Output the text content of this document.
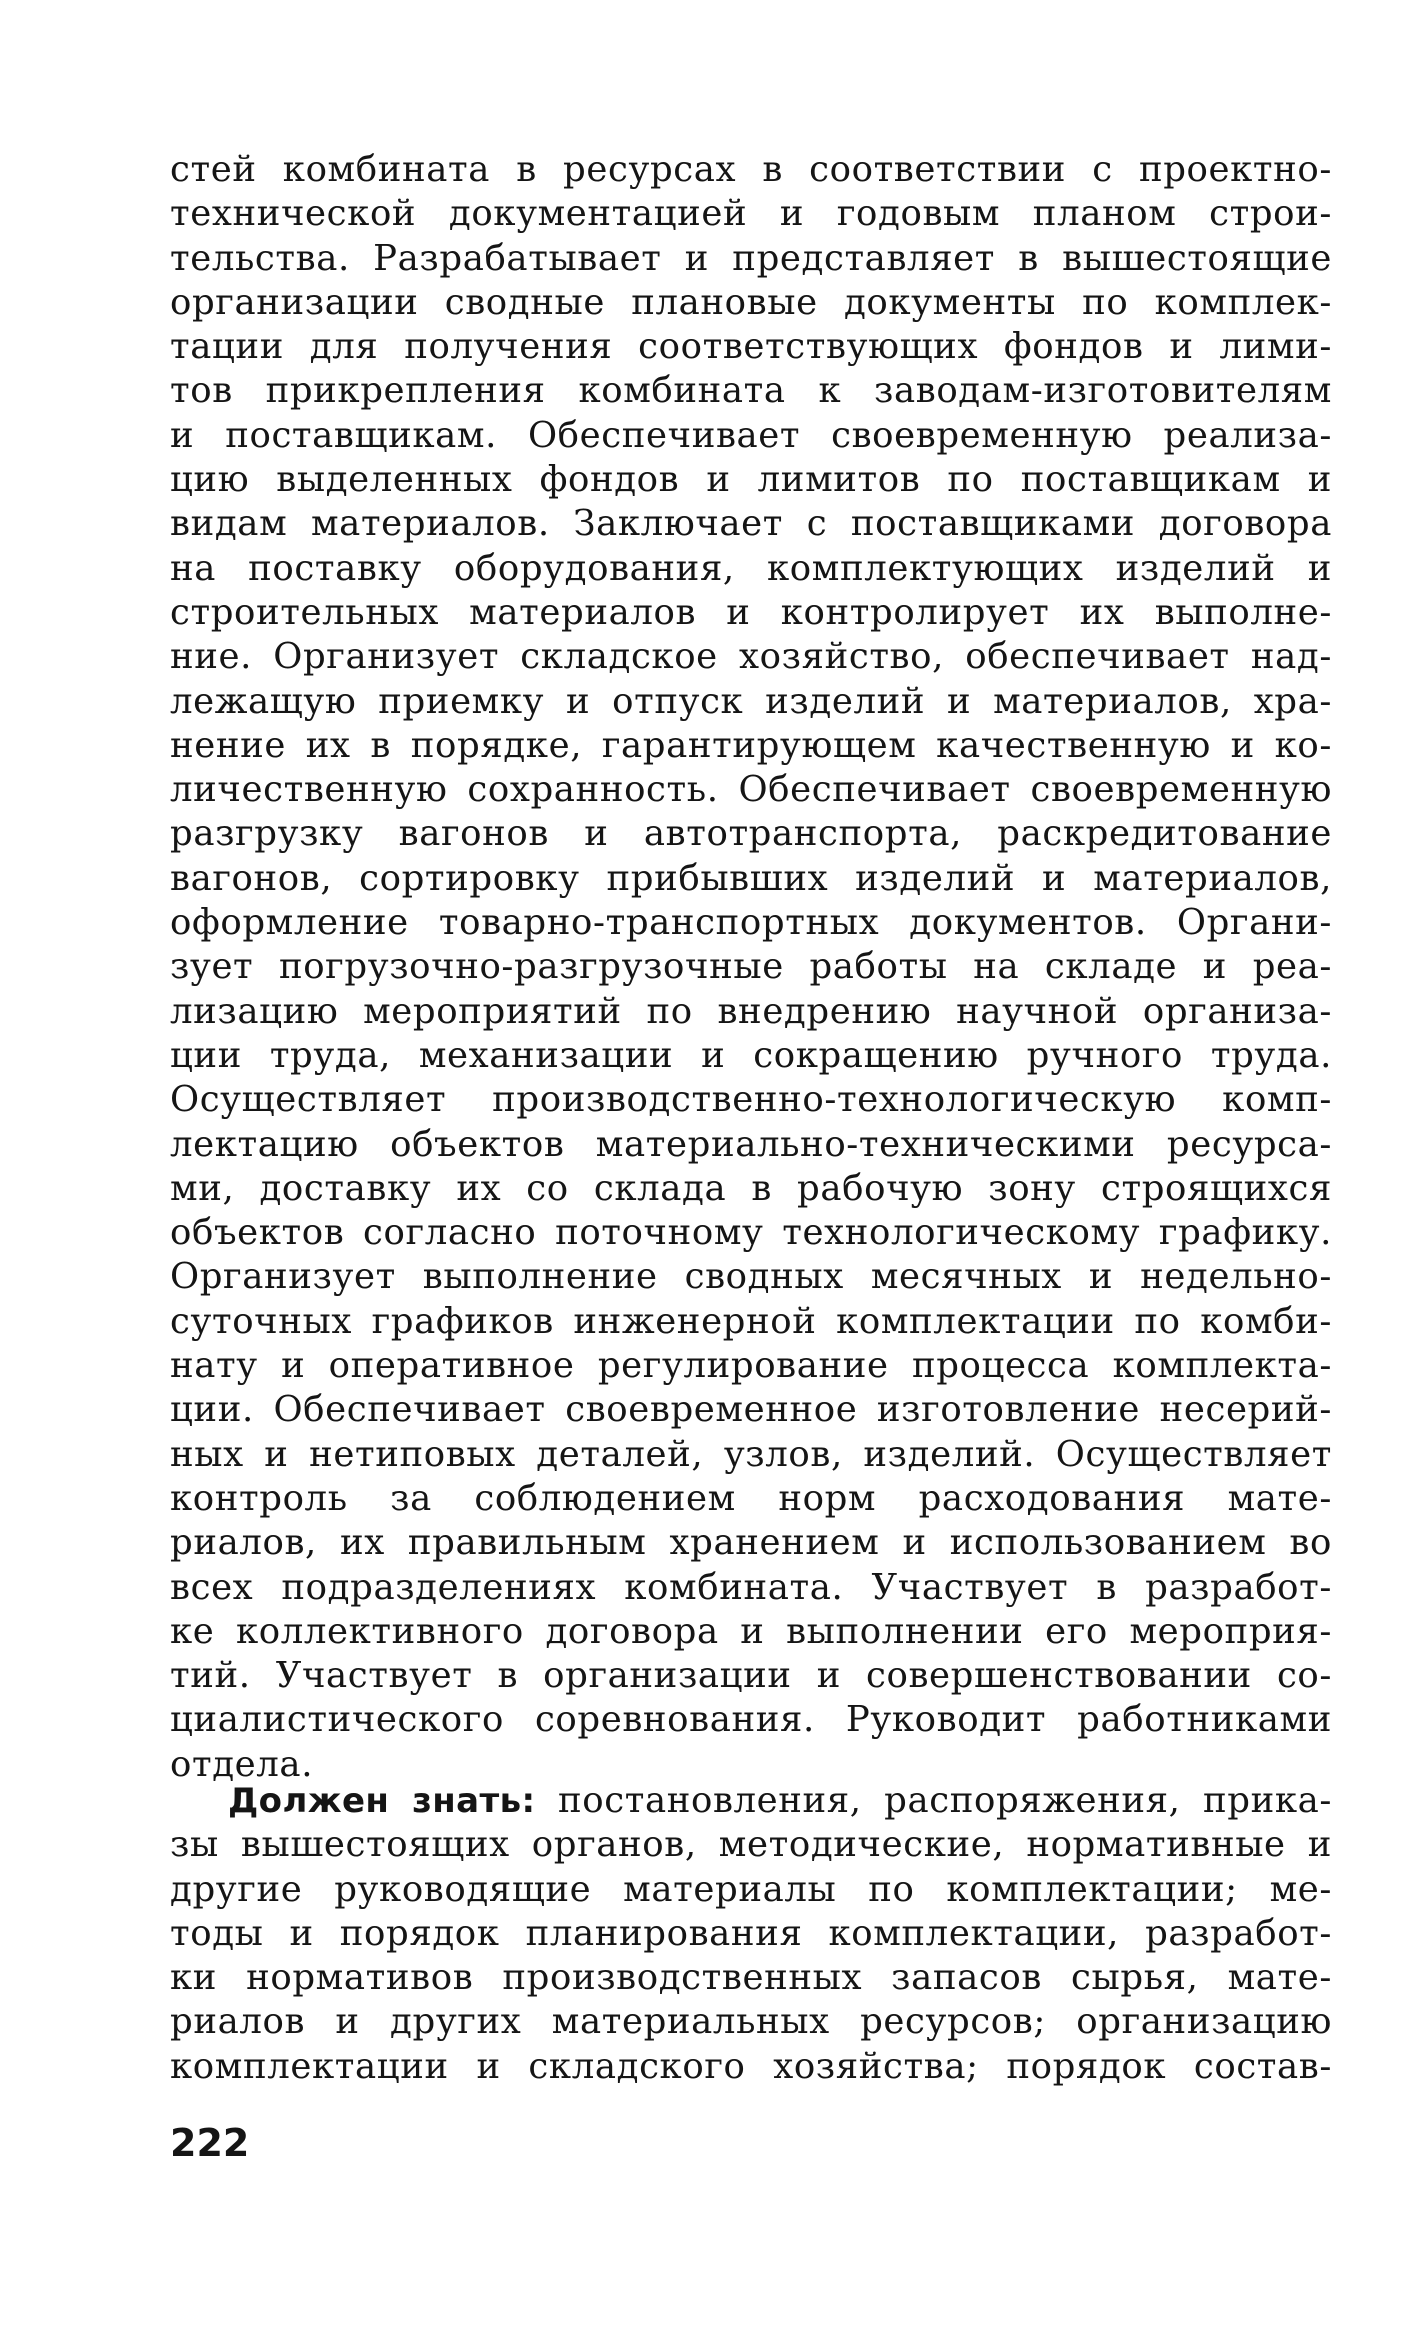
стей комбината в ресурсах в соответствии с проектно-
технической документацией и годовым планом строи-
тельства. Разрабатывает и представляет в вышестоящие
организации сводные плановые документы по комплек-
тации для получения соответствующих фондов и лими-
тов прикрепления комбината к заводам-изготовителям
и поставщикам. Обеспечивает своевременную реализа-
цию выделенных фондов и лимитов по поставщикам и
видам материалов. Заключает с поставщиками договора
на поставку оборудования, комплектующих изделий и
строительных материалов и контролирует их выполне-
ние. Организует складское хозяйство, обеспечивает над-
лежащую приемку и отпуск изделий и материалов, хра-
нение их в порядке, гарантирующем качественную и ко-
личественную сохранность. Обеспечивает своевременную
разгрузку вагонов и автотранспорта, раскредитование
вагонов, сортировку прибывших изделий и материалов,
оформление товарно-транспортных документов. Органи-
зует погрузочно-разгрузочные работы на складе и реа-
лизацию мероприятий по внедрению научной организа-
ции труда, механизации и сокращению ручного труда.
Осуществляет производственно-технологическую комп-
лектацию объектов материально-техническими ресурса-
ми, доставку их со склада в рабочую зону строящихся
объектов согласно поточному технологическому графику.
Организует выполнение сводных месячных и недельно-
суточных графиков инженерной комплектации по комби-
нату и оперативное регулирование процесса комплекта-
ции. Обеспечивает своевременное изготовление несерий-
ных и нетиповых деталей, узлов, изделий. Осуществляет
контроль за соблюдением норм расходования мате-
риалов, их правильным хранением и использованием во
всех подразделениях комбината. Участвует в разработ-
ке коллективного договора и выполнении его мероприя-
тий. Участвует в организации и совершенствовании со-
циалистического соревнования. Руководит работниками
отдела.
Должен знать: постановления, распоряжения, прика-
зы вышестоящих органов, методические, нормативные и
другие руководящие материалы по комплектации; ме-
тоды и порядок планирования комплектации, разработ-
ки нормативов производственных запасов сырья, мате-
риалов и других материальных ресурсов; организацию
комплектации и складского хозяйства; порядок состав-
222
